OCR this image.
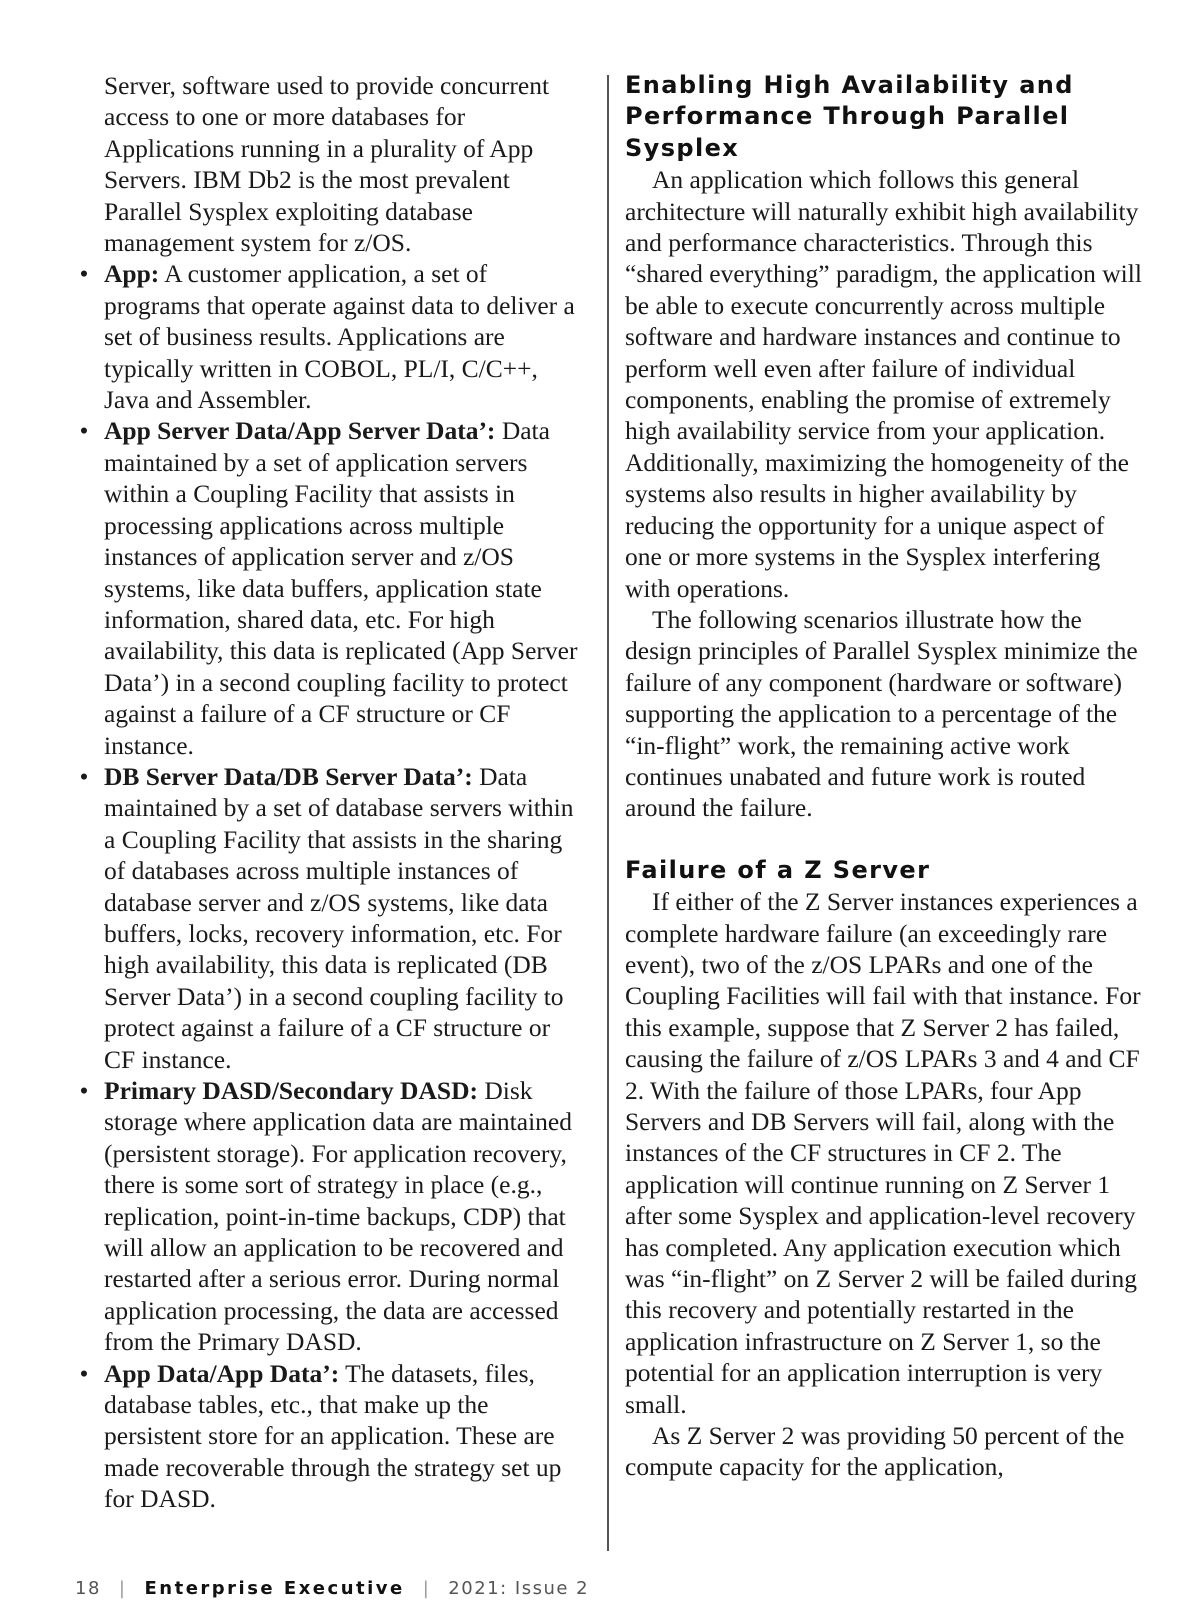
Server, software used to provide concurrent access to one or more databases for Applications running in a plurality of App Servers. IBM Db2 is the most prevalent Parallel Sysplex exploiting database management system for z/OS.
• App: A customer application, a set of programs that operate against data to deliver a set of business results. Applications are typically written in COBOL, PL/I, C/C++, Java and Assembler.
• App Server Data/App Server Data’: Data maintained by a set of application servers within a Coupling Facility that assists in processing applications across multiple instances of application server and z/OS systems, like data buffers, application state information, shared data, etc. For high availability, this data is replicated (App Server Data’) in a second coupling facility to protect against a failure of a CF structure or CF instance.
• DB Server Data/DB Server Data’: Data maintained by a set of database servers within a Coupling Facility that assists in the sharing of databases across multiple instances of database server and z/OS systems, like data buffers, locks, recovery information, etc. For high availability, this data is replicated (DB Server Data’) in a second coupling facility to protect against a failure of a CF structure or CF instance.
• Primary DASD/Secondary DASD: Disk storage where application data are maintained (persistent storage). For application recovery, there is some sort of strategy in place (e.g., replication, point-in-time backups, CDP) that will allow an application to be recovered and restarted after a serious error. During normal application processing, the data are accessed from the Primary DASD.
• App Data/App Data’: The datasets, files, database tables, etc., that make up the persistent store for an application. These are made recoverable through the strategy set up for DASD.
Enabling High Availability and Performance Through Parallel Sysplex

An application which follows this general architecture will naturally exhibit high availability and performance characteristics. Through this “shared everything” paradigm, the application will be able to execute concurrently across multiple software and hardware instances and continue to perform well even after failure of individual components, enabling the promise of extremely high availability service from your application. Additionally, maximizing the homogeneity of the systems also results in higher availability by reducing the opportunity for a unique aspect of one or more systems in the Sysplex interfering with operations.

The following scenarios illustrate how the design principles of Parallel Sysplex minimize the failure of any component (hardware or software) supporting the application to a percentage of the “in-flight” work, the remaining active work continues unabated and future work is routed around the failure.

Failure of a Z Server

If either of the Z Server instances experiences a complete hardware failure (an exceedingly rare event), two of the z/OS LPARs and one of the Coupling Facilities will fail with that instance. For this example, suppose that Z Server 2 has failed, causing the failure of z/OS LPARs 3 and 4 and CF 2. With the failure of those LPARs, four App Servers and DB Servers will fail, along with the instances of the CF structures in CF 2. The application will continue running on Z Server 1 after some Sysplex and application-level recovery has completed. Any application execution which was “in-flight” on Z Server 2 will be failed during this recovery and potentially restarted in the application infrastructure on Z Server 1, so the potential for an application interruption is very small.

As Z Server 2 was providing 50 percent of the compute capacity for the application,

18 | Enterprise Executive | 2021: Issue 2
